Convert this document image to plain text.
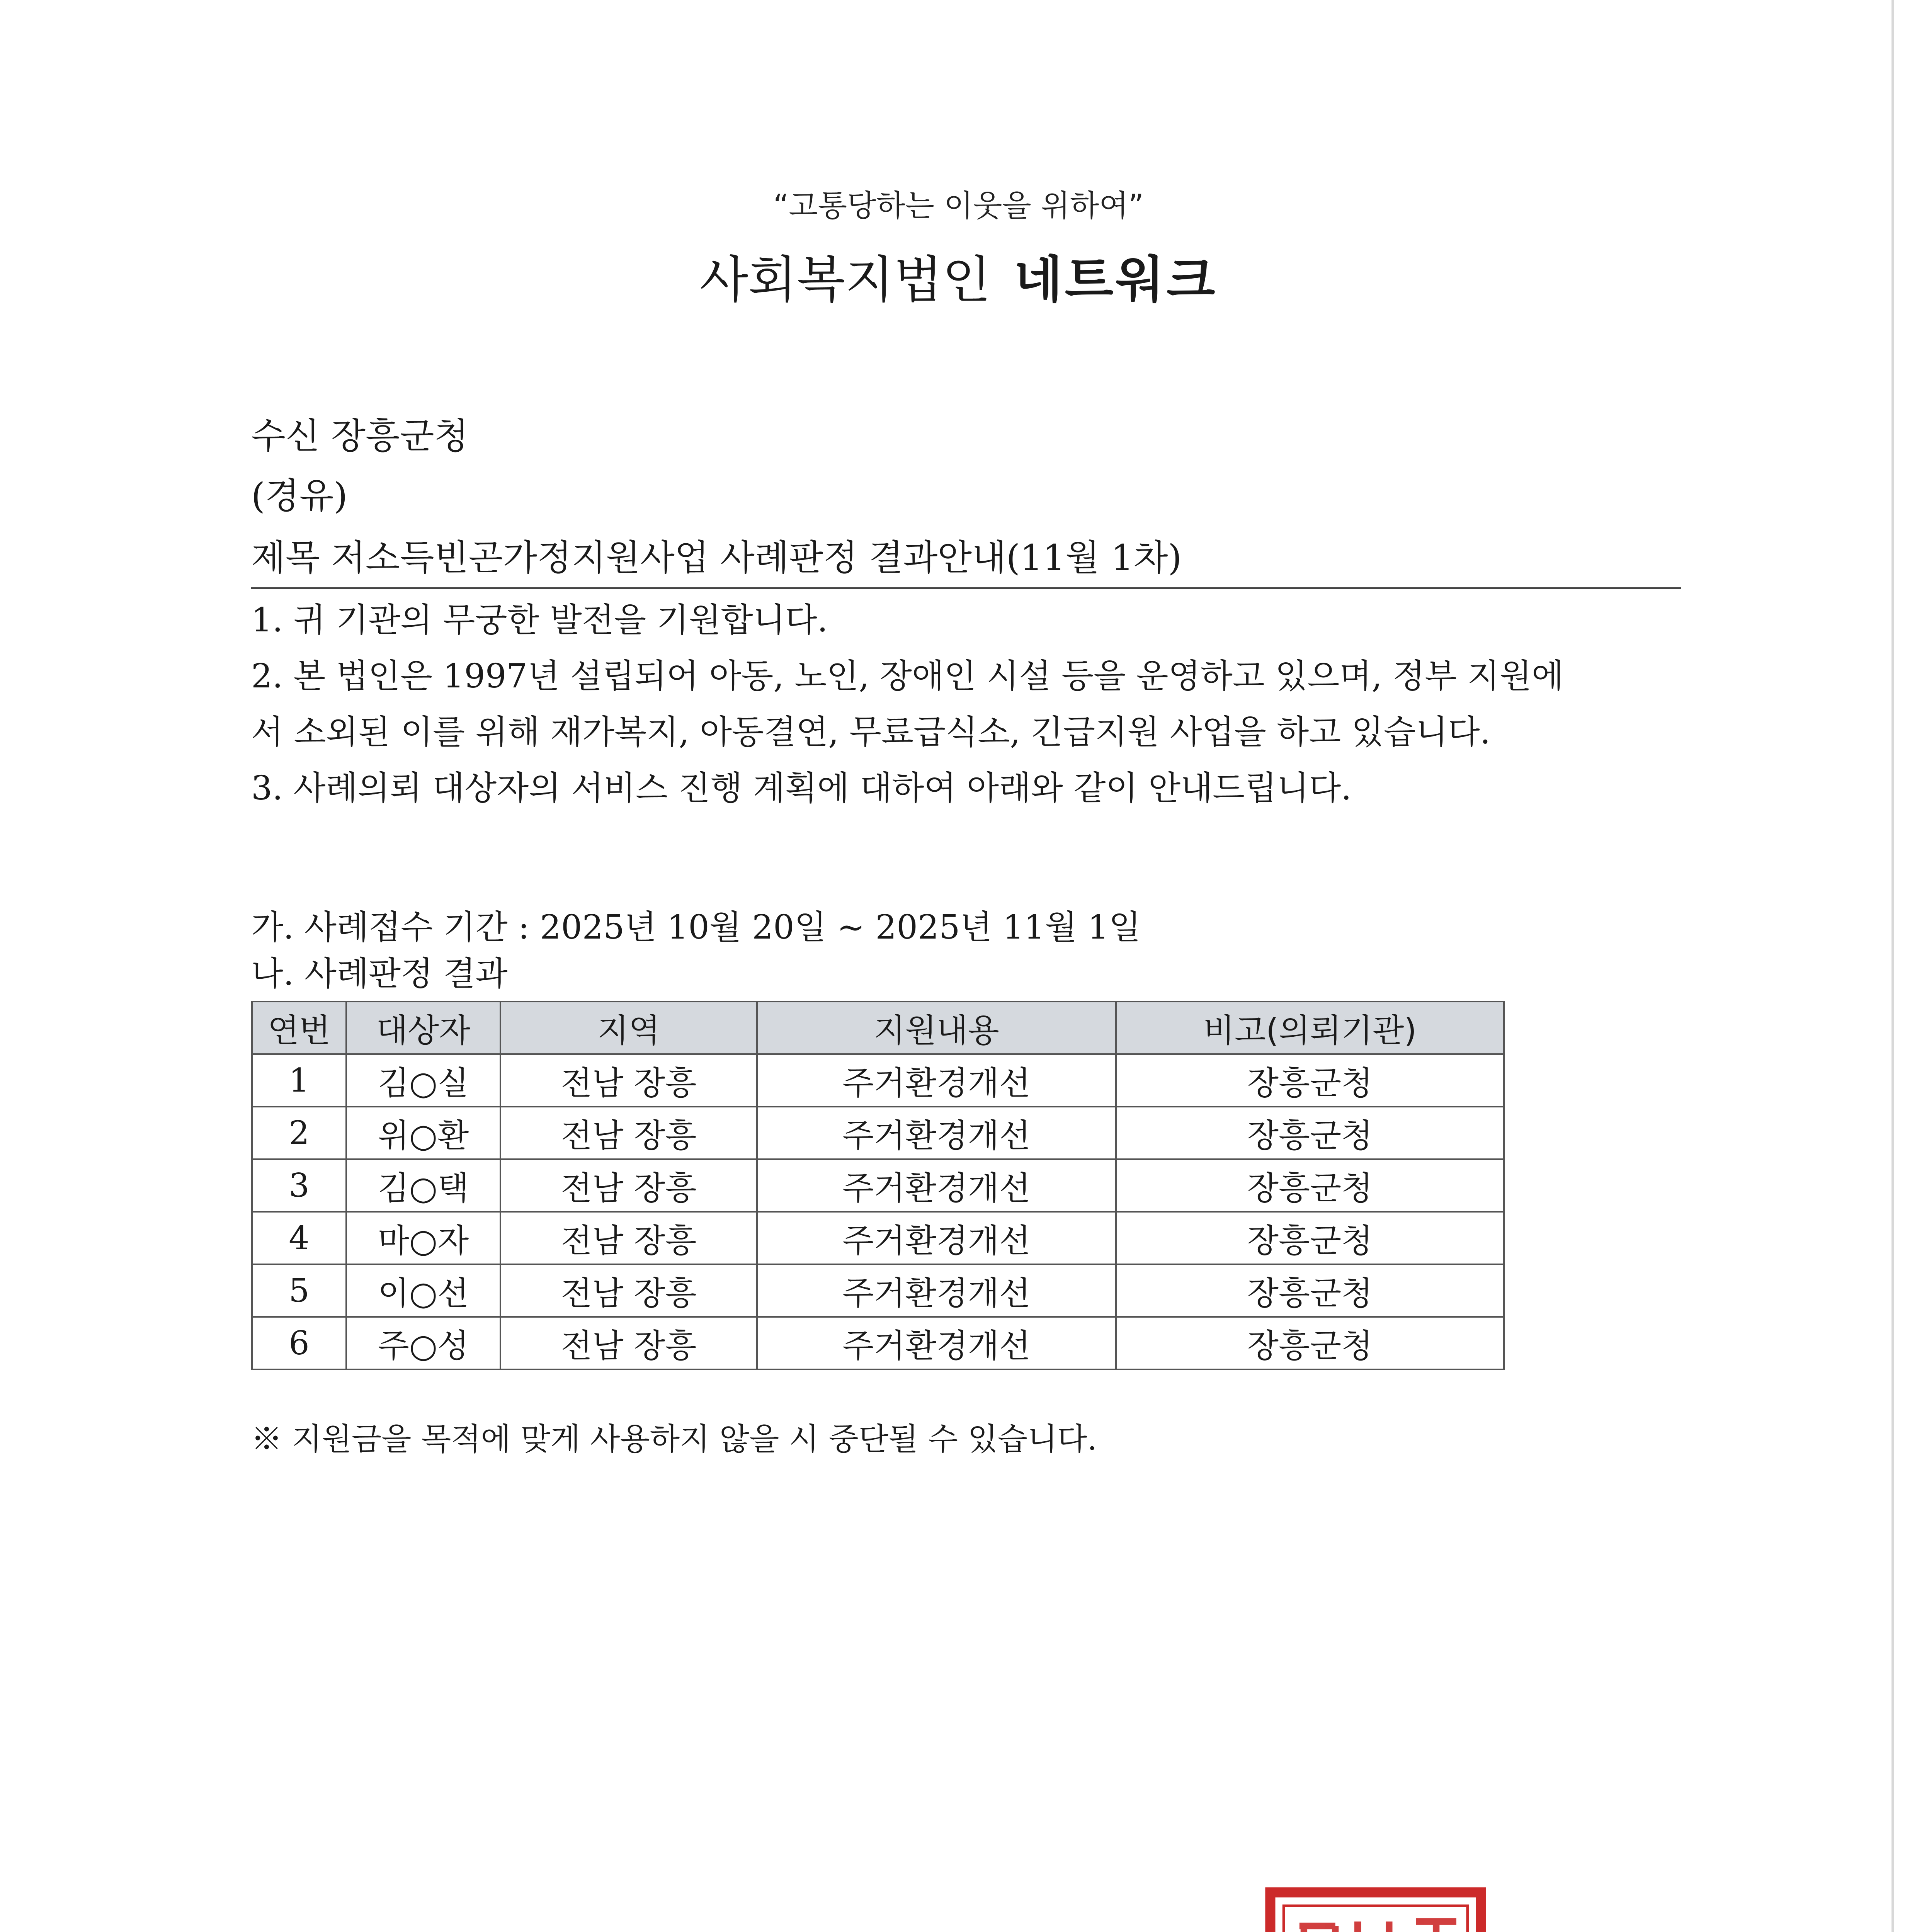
“고통당하는 이웃을 위하여”
사회복지법인 네트워크
수신 장흥군청
(경유)
제목 저소득빈곤가정지원사업 사례판정 결과안내(11월 1차)
1. 귀 기관의 무궁한 발전을 기원합니다.
2. 본 법인은 1997년 설립되어 아동, 노인, 장애인 시설 등을 운영하고 있으며, 정부 지원에
서 소외된 이를 위해 재가복지, 아동결연, 무료급식소, 긴급지원 사업을 하고 있습니다.
3. 사례의뢰 대상자의 서비스 진행 계획에 대하여 아래와 같이 안내드립니다.
가. 사례접수 기간 : 2025년 10월 20일 ~ 2025년 11월 1일
나. 사례판정 결과
연번	대상자	지역	지원내용	비고(의뢰기관)
1	김○실	전남 장흥	주거환경개선	장흥군청
2	위○환	전남 장흥	주거환경개선	장흥군청
3	김○택	전남 장흥	주거환경개선	장흥군청
4	마○자	전남 장흥	주거환경개선	장흥군청
5	이○선	전남 장흥	주거환경개선	장흥군청
6	주○성	전남 장흥	주거환경개선	장흥군청
※ 지원금을 목적에 맞게 사용하지 않을 시 중단될 수 있습니다.
